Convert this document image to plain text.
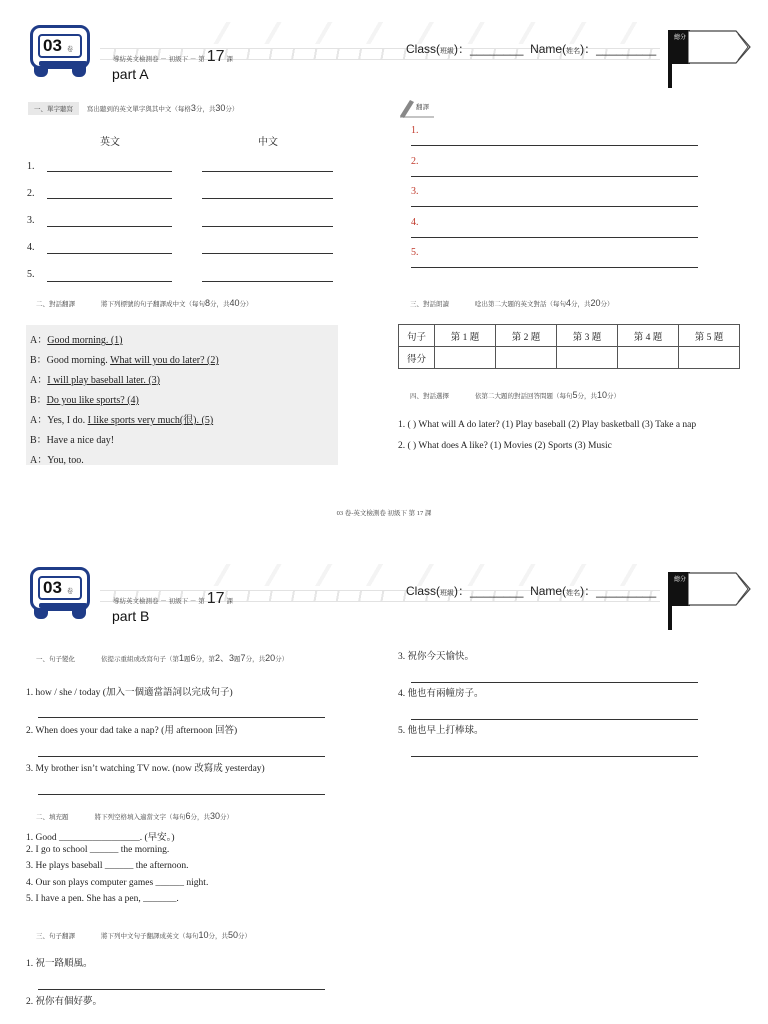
03 卷
導紡英文檢測卷 － 初級下 － 第 17 課
part A
Class(班級)：________ Name(姓名)：_________
總分
一、單字聽寫 寫出聽到的英文單字與其中文（每格3分，共30分）
英文	中文
1.
2.
3.
4.
5.
翻譯
1.
2.
3.
4.
5.
二、對話翻譯	將下列標號的句子翻譯成中文（每句8分，共40分）
A：Good morning. (1)
B：Good morning. What will you do later? (2)
A：I will play baseball later. (3)
B：Do you like sports? (4)
A：Yes, I do. I like sports very much(很). (5)
B：Have a nice day!
A：You, too.
三、對話朗讀	唸出第二大題的英文對話（每句4分，共20分）
句子	第 1 題	第 2 題	第 3 題	第 4 題	第 5 題
得分					
四、對話選擇	依第二大題的對話回答問題（每句5分，共10分）
1. ( ) What will A do later? (1) Play baseball (2) Play basketball (3) Take a nap
2. ( ) What does A like? (1) Movies (2) Sports (3) Music
03 卷-英文檢測卷 初級下 第 17 課
03 卷
導紡英文檢測卷 － 初級下 － 第 17 課
part B
Class(班級)：________ Name(姓名)：_________
總分
一、句子變化	依提示重組或改寫句子（第1題6分，第2、3題7分，共20分）
1. how / she / today (加入一個適當語詞以完成句子)
2. When does your dad take a nap? (用 afternoon 回答)
3. My brother isn’t watching TV now. (now 改寫成 yesterday)
3. 祝你今天愉快。
4. 他也有兩幢房子。
5. 他也早上打棒球。
二、填充題	將下列空格填入適當文字（每句6分，共30分）
1. Good _________________. (早安。)
2. I go to school ______ the morning.
3. He plays baseball ______ the afternoon.
4. Our son plays computer games ______ night.
5. I have a pen. She has a pen, _______.
三、句子翻譯	將下列中文句子翻譯成英文（每句10分，共50分）
1. 祝一路順風。
2. 祝你有個好夢。
